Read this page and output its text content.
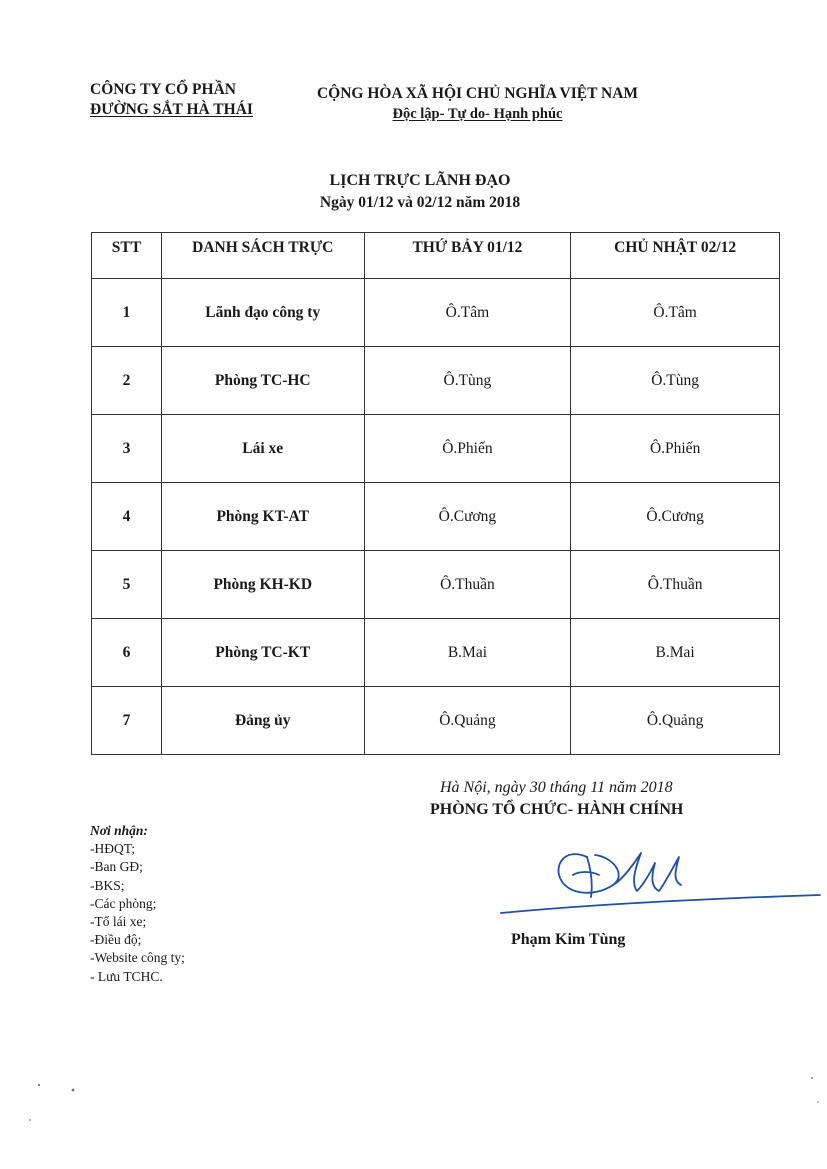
CÔNG TY CỔ PHẦN
ĐƯỜNG SẮT HÀ THÁI
CỘNG HÒA XÃ HỘI CHỦ NGHĨA VIỆT NAM
Độc lập- Tự do- Hạnh phúc
LỊCH TRỰC LÃNH ĐẠO
Ngày 01/12 và 02/12 năm 2018
STT	DANH SÁCH TRỰC	THỨ BẢY 01/12	CHỦ NHẬT 02/12
1	Lãnh đạo công ty	Ô.Tâm	Ô.Tâm
2	Phòng TC-HC	Ô.Tùng	Ô.Tùng
3	Lái xe	Ô.Phiến	Ô.Phiến
4	Phòng KT-AT	Ô.Cương	Ô.Cương
5	Phòng KH-KD	Ô.Thuần	Ô.Thuần
6	Phòng TC-KT	B.Mai	B.Mai
7	Đảng ủy	Ô.Quảng	Ô.Quảng
Hà Nội, ngày 30 tháng 11 năm 2018
PHÒNG TỔ CHỨC- HÀNH CHÍNH
Nơi nhận:
-HĐQT;
-Ban GĐ;
-BKS;
-Các phòng;
-Tổ lái xe;
-Điều độ;
-Website công ty;
- Lưu TCHC.
Phạm Kim Tùng
